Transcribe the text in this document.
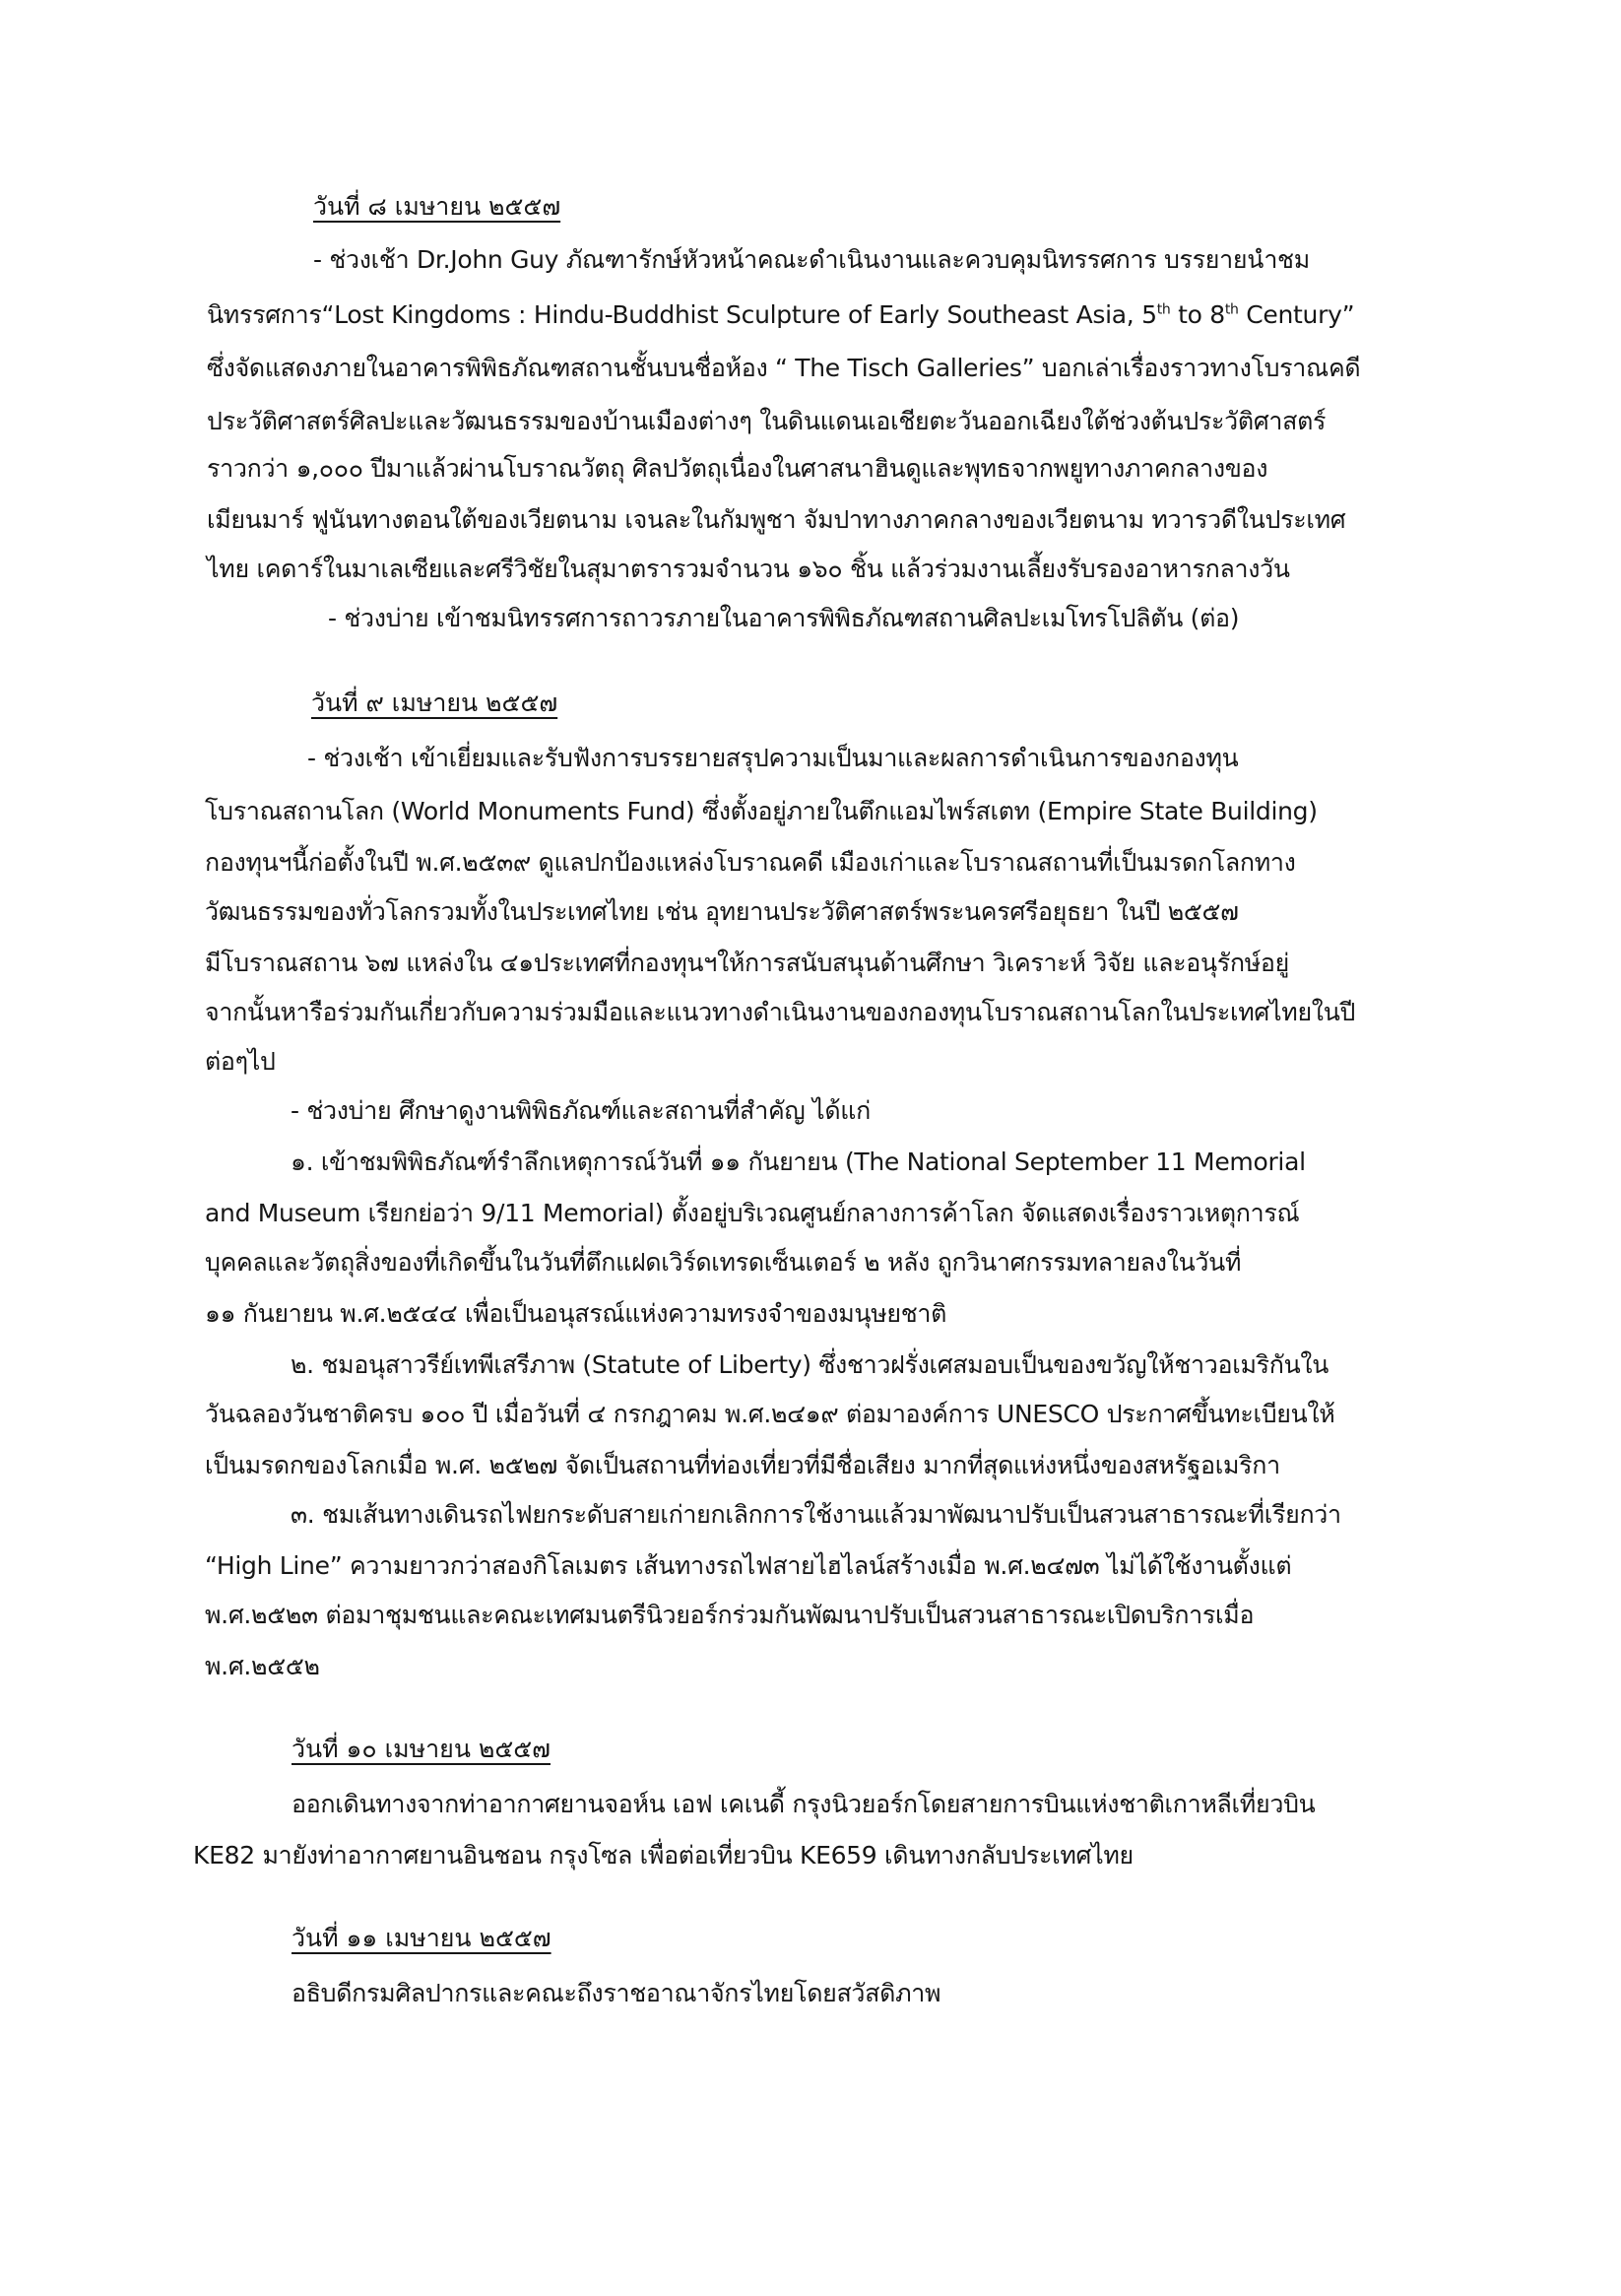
วันที่ ๘ เมษายน ๒๕๕๗
- ช่วงเช้า Dr.John Guy ภัณฑารักษ์หัวหน้าคณะดำเนินงานและควบคุมนิทรรศการ บรรยายนำชม
นิทรรศการ“Lost Kingdoms : Hindu-Buddhist Sculpture of Early Southeast Asia, 5th to 8th Century”
ซึ่งจัดแสดงภายในอาคารพิพิธภัณฑสถานชั้นบนชื่อห้อง “ The Tisch Galleries” บอกเล่าเรื่องราวทางโบราณคดี
ประวัติศาสตร์ศิลปะและวัฒนธรรมของบ้านเมืองต่างๆ ในดินแดนเอเชียตะวันออกเฉียงใต้ช่วงต้นประวัติศาสตร์
ราวกว่า ๑,๐๐๐ ปีมาแล้วผ่านโบราณวัตถุ ศิลปวัตถุเนื่องในศาสนาฮินดูและพุทธจากพยูทางภาคกลางของ
เมียนมาร์ ฟูนันทางตอนใต้ของเวียตนาม เจนละในกัมพูชา จัมปาทางภาคกลางของเวียตนาม ทวารวดีในประเทศ
ไทย เคดาร์ในมาเลเซียและศรีวิชัยในสุมาตรารวมจำนวน ๑๖๐ ชิ้น แล้วร่วมงานเลี้ยงรับรองอาหารกลางวัน
- ช่วงบ่าย เข้าชมนิทรรศการถาวรภายในอาคารพิพิธภัณฑสถานศิลปะเมโทรโปลิตัน (ต่อ)
วันที่ ๙ เมษายน ๒๕๕๗
- ช่วงเช้า เข้าเยี่ยมและรับฟังการบรรยายสรุปความเป็นมาและผลการดำเนินการของกองทุน
โบราณสถานโลก (World Monuments Fund) ซึ่งตั้งอยู่ภายในตึกแอมไพร์สเตท (Empire State Building)
กองทุนฯนี้ก่อตั้งในปี พ.ศ.๒๕๓๙ ดูแลปกป้องแหล่งโบราณคดี เมืองเก่าและโบราณสถานที่เป็นมรดกโลกทาง
วัฒนธรรมของทั่วโลกรวมทั้งในประเทศไทย เช่น อุทยานประวัติศาสตร์พระนครศรีอยุธยา ในปี ๒๕๕๗
มีโบราณสถาน ๖๗ แหล่งใน ๔๑ประเทศที่กองทุนฯให้การสนับสนุนด้านศึกษา วิเคราะห์ วิจัย และอนุรักษ์อยู่
จากนั้นหารือร่วมกันเกี่ยวกับความร่วมมือและแนวทางดำเนินงานของกองทุนโบราณสถานโลกในประเทศไทยในปี
ต่อๆไป
- ช่วงบ่าย ศึกษาดูงานพิพิธภัณฑ์และสถานที่สำคัญ ได้แก่
๑. เข้าชมพิพิธภัณฑ์รำลึกเหตุการณ์วันที่ ๑๑ กันยายน (The National September 11 Memorial
and Museum เรียกย่อว่า 9/11 Memorial) ตั้งอยู่บริเวณศูนย์กลางการค้าโลก จัดแสดงเรื่องราวเหตุการณ์
บุคคลและวัตถุสิ่งของที่เกิดขึ้นในวันที่ตึกแฝดเวิร์ดเทรดเซ็นเตอร์ ๒ หลัง ถูกวินาศกรรมทลายลงในวันที่
๑๑ กันยายน พ.ศ.๒๕๔๔ เพื่อเป็นอนุสรณ์แห่งความทรงจำของมนุษยชาติ
๒. ชมอนุสาวรีย์เทพีเสรีภาพ (Statute of Liberty) ซึ่งชาวฝรั่งเศสมอบเป็นของขวัญให้ชาวอเมริกันใน
วันฉลองวันชาติครบ ๑๐๐ ปี เมื่อวันที่ ๔ กรกฎาคม พ.ศ.๒๔๑๙ ต่อมาองค์การ UNESCO ประกาศขึ้นทะเบียนให้
เป็นมรดกของโลกเมื่อ พ.ศ. ๒๕๒๗ จัดเป็นสถานที่ท่องเที่ยวที่มีชื่อเสียง มากที่สุดแห่งหนึ่งของสหรัฐอเมริกา
๓. ชมเส้นทางเดินรถไฟยกระดับสายเก่ายกเลิกการใช้งานแล้วมาพัฒนาปรับเป็นสวนสาธารณะที่เรียกว่า
“High Line” ความยาวกว่าสองกิโลเมตร เส้นทางรถไฟสายไฮไลน์สร้างเมื่อ พ.ศ.๒๔๗๓ ไม่ได้ใช้งานตั้งแต่
พ.ศ.๒๕๒๓ ต่อมาชุมชนและคณะเทศมนตรีนิวยอร์กร่วมกันพัฒนาปรับเป็นสวนสาธารณะเปิดบริการเมื่อ
พ.ศ.๒๕๕๒
วันที่ ๑๐ เมษายน ๒๕๕๗
ออกเดินทางจากท่าอากาศยานจอห์น เอฟ เคเนดี้ กรุงนิวยอร์กโดยสายการบินแห่งชาติเกาหลีเที่ยวบิน
KE82 มายังท่าอากาศยานอินชอน กรุงโซล เพื่อต่อเที่ยวบิน KE659 เดินทางกลับประเทศไทย
วันที่ ๑๑ เมษายน ๒๕๕๗
อธิบดีกรมศิลปากรและคณะถึงราชอาณาจักรไทยโดยสวัสดิภาพ
